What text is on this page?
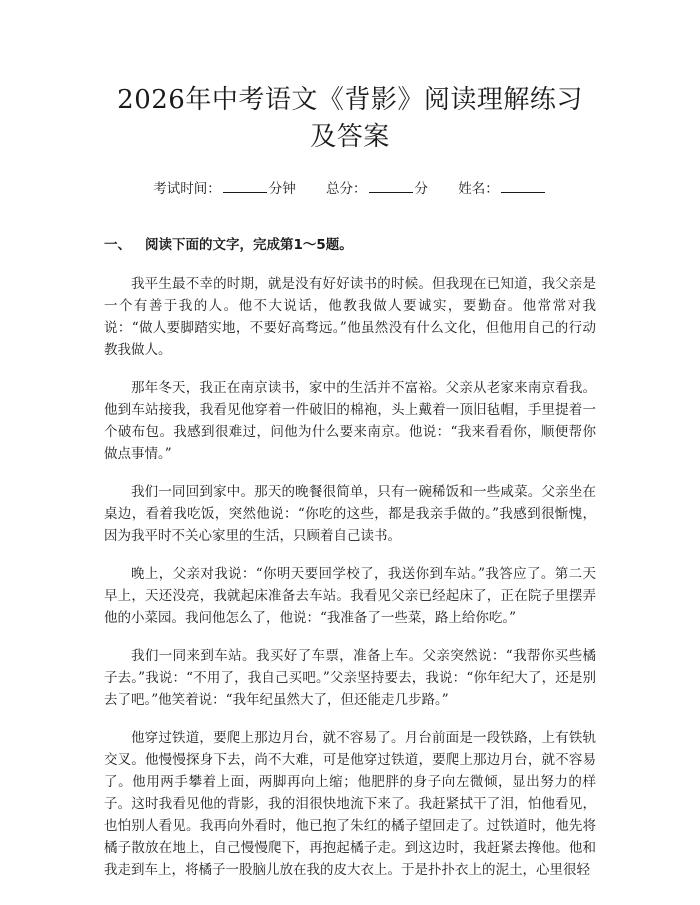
2026年中考语文《背影》阅读理解练习及答案
考试时间：	分钟 总分：	分 姓名：
一、 阅读下面的文字，完成第1～5题。

我平生最不幸的时期，就是没有好好读书的时候。但我现在已知道，我父亲是一个有善于我的人。他不大说话，他教我做人要诚实，要勤奋。他常常对我说：“做人要脚踏实地，不要好高骛远。”他虽然没有什么文化，但他用自己的行动教我做人。

那年冬天，我正在南京读书，家中的生活并不富裕。父亲从老家来南京看我。他到车站接我，我看见他穿着一件破旧的棉袍，头上戴着一顶旧毡帽，手里提着一个破布包。我感到很难过，问他为什么要来南京。他说：“我来看看你，顺便帮你做点事情。”

我们一同回到家中。那天的晚餐很简单，只有一碗稀饭和一些咸菜。父亲坐在桌边，看着我吃饭，突然他说：“你吃的这些，都是我亲手做的。”我感到很惭愧，因为我平时不关心家里的生活，只顾着自己读书。

晚上，父亲对我说：“你明天要回学校了，我送你到车站。”我答应了。第二天早上，天还没亮，我就起床准备去车站。我看见父亲已经起床了，正在院子里摆弄他的小菜园。我问他怎么了，他说：“我准备了一些菜，路上给你吃。”

我们一同来到车站。我买好了车票，准备上车。父亲突然说：“我帮你买些橘子去。”我说：“不用了，我自己买吧。”父亲坚持要去，我说：“你年纪大了，还是别去了吧。”他笑着说：“我年纪虽然大了，但还能走几步路。”

他穿过铁道，要爬上那边月台，就不容易了。月台前面是一段铁路，上有铁轨交叉。他慢慢探身下去，尚不大难，可是他穿过铁道，要爬上那边月台，就不容易了。他用两手攀着上面，两脚再向上缩；他肥胖的身子向左微倾，显出努力的样子。这时我看见他的背影，我的泪很快地流下来了。我赶紧拭干了泪，怕他看见，也怕别人看见。我再向外看时，他已抱了朱红的橘子望回走了。过铁道时，他先将橘子散放在地上，自己慢慢爬下，再抱起橘子走。到这边时，我赶紧去搀他。他和我走到车上，将橘子一股脑儿放在我的皮大衣上。于是扑扑衣上的泥土，心里很轻
